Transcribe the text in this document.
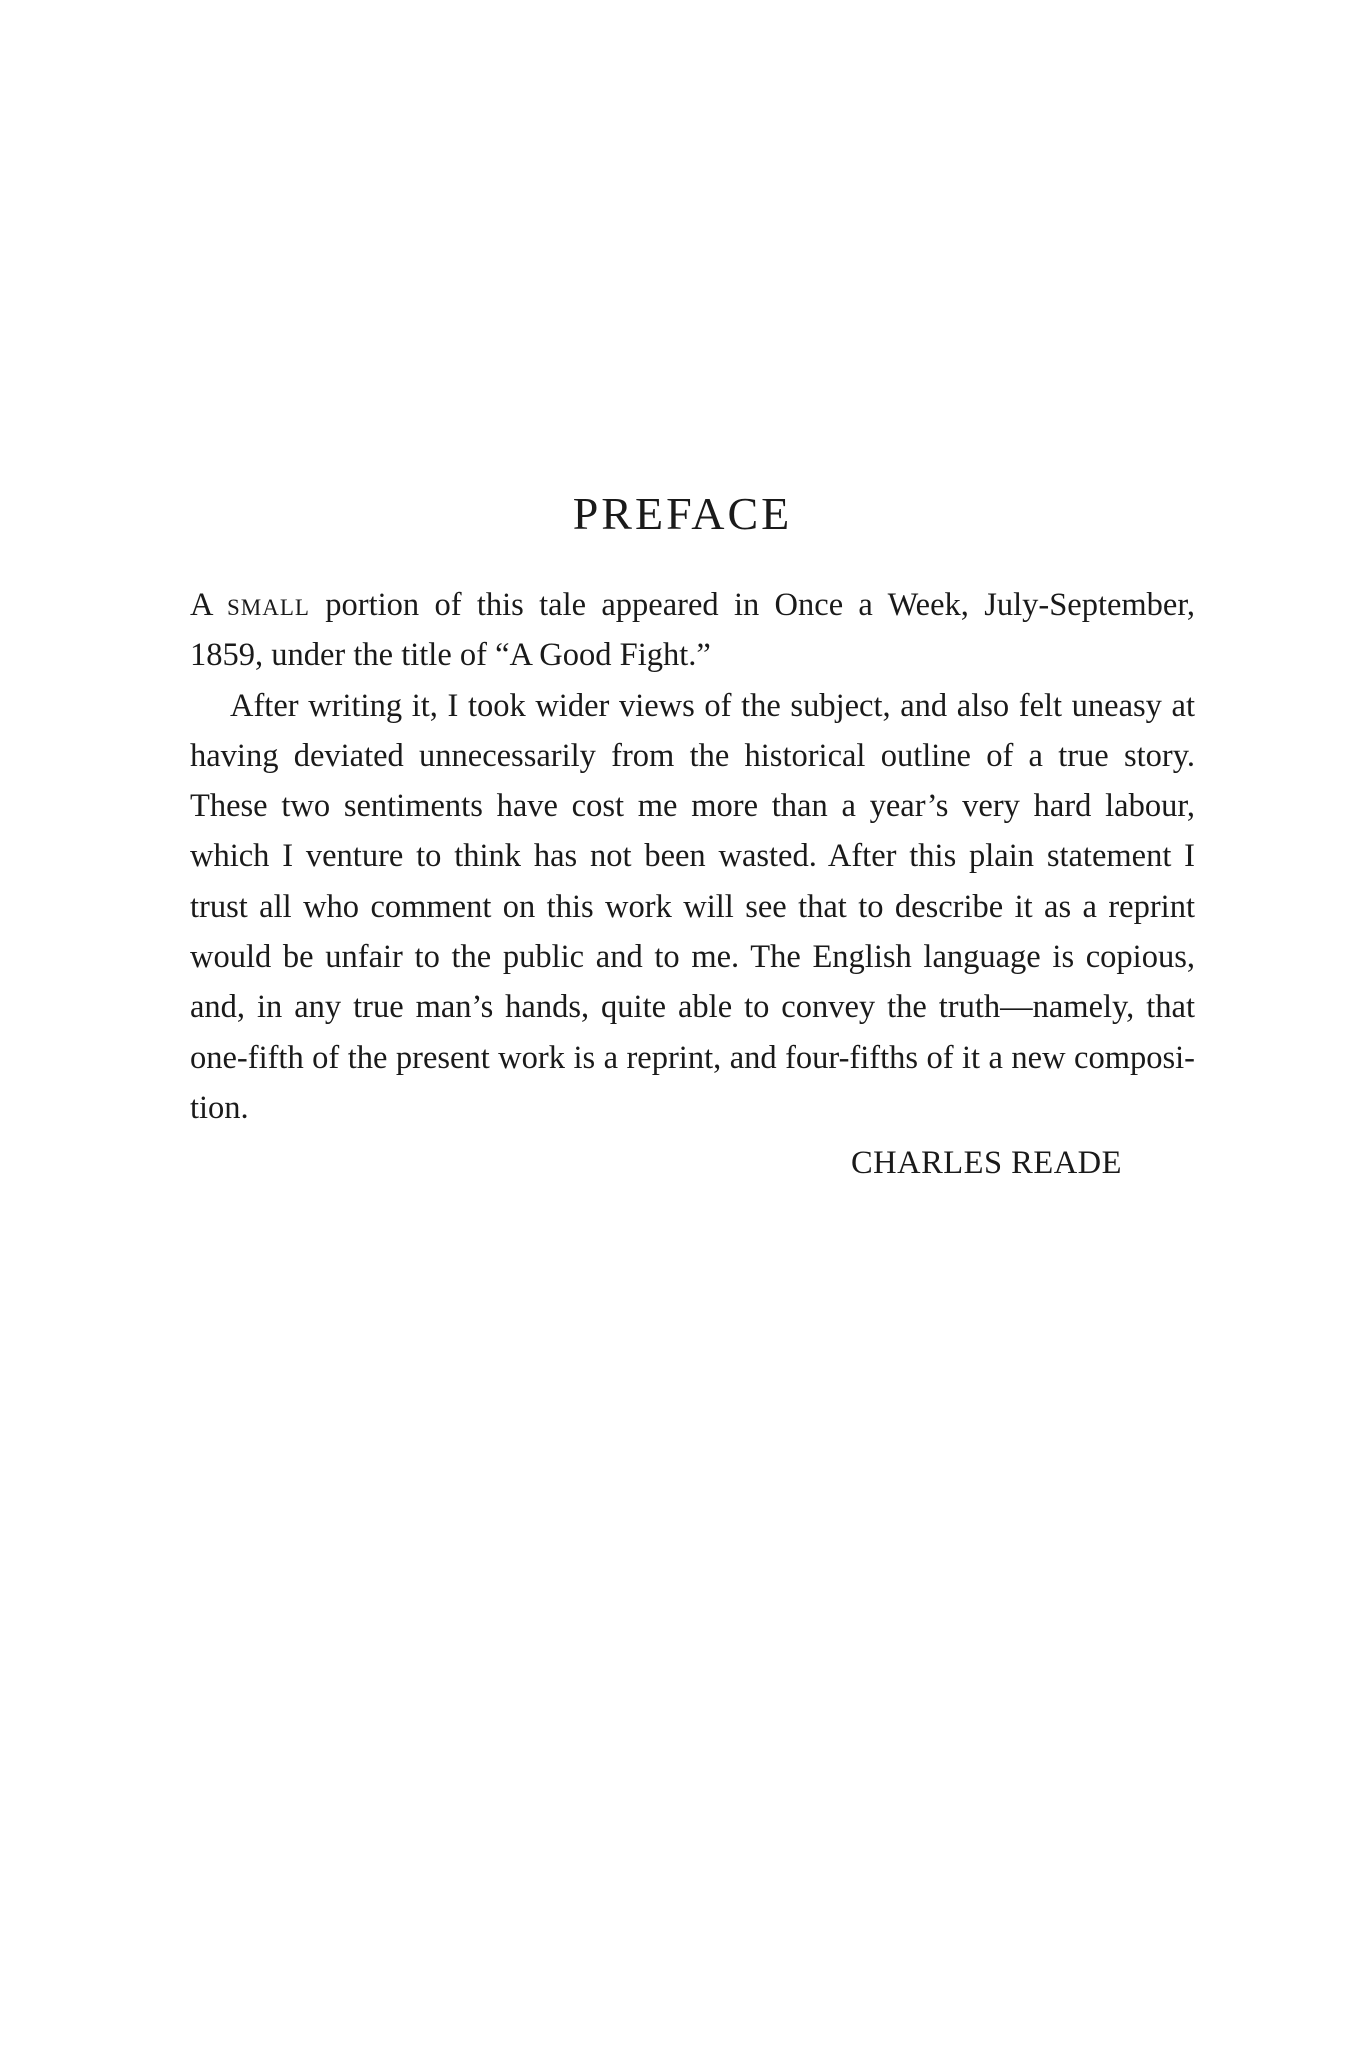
PREFACE

A small portion of this tale appeared in Once a Week, July-September, 1859, under the title of “A Good Fight.”

After writing it, I took wider views of the subject, and also felt uneasy at having deviated unnecessarily from the historical outline of a true story. These two sentiments have cost me more than a year’s very hard labour, which I venture to think has not been wasted. After this plain statement I trust all who comment on this work will see that to describe it as a reprint would be unfair to the public and to me. The English language is copious, and, in any true man’s hands, quite able to convey the truth—namely, that one-fifth of the present work is a reprint, and four-fifths of it a new composition.

CHARLES READE
